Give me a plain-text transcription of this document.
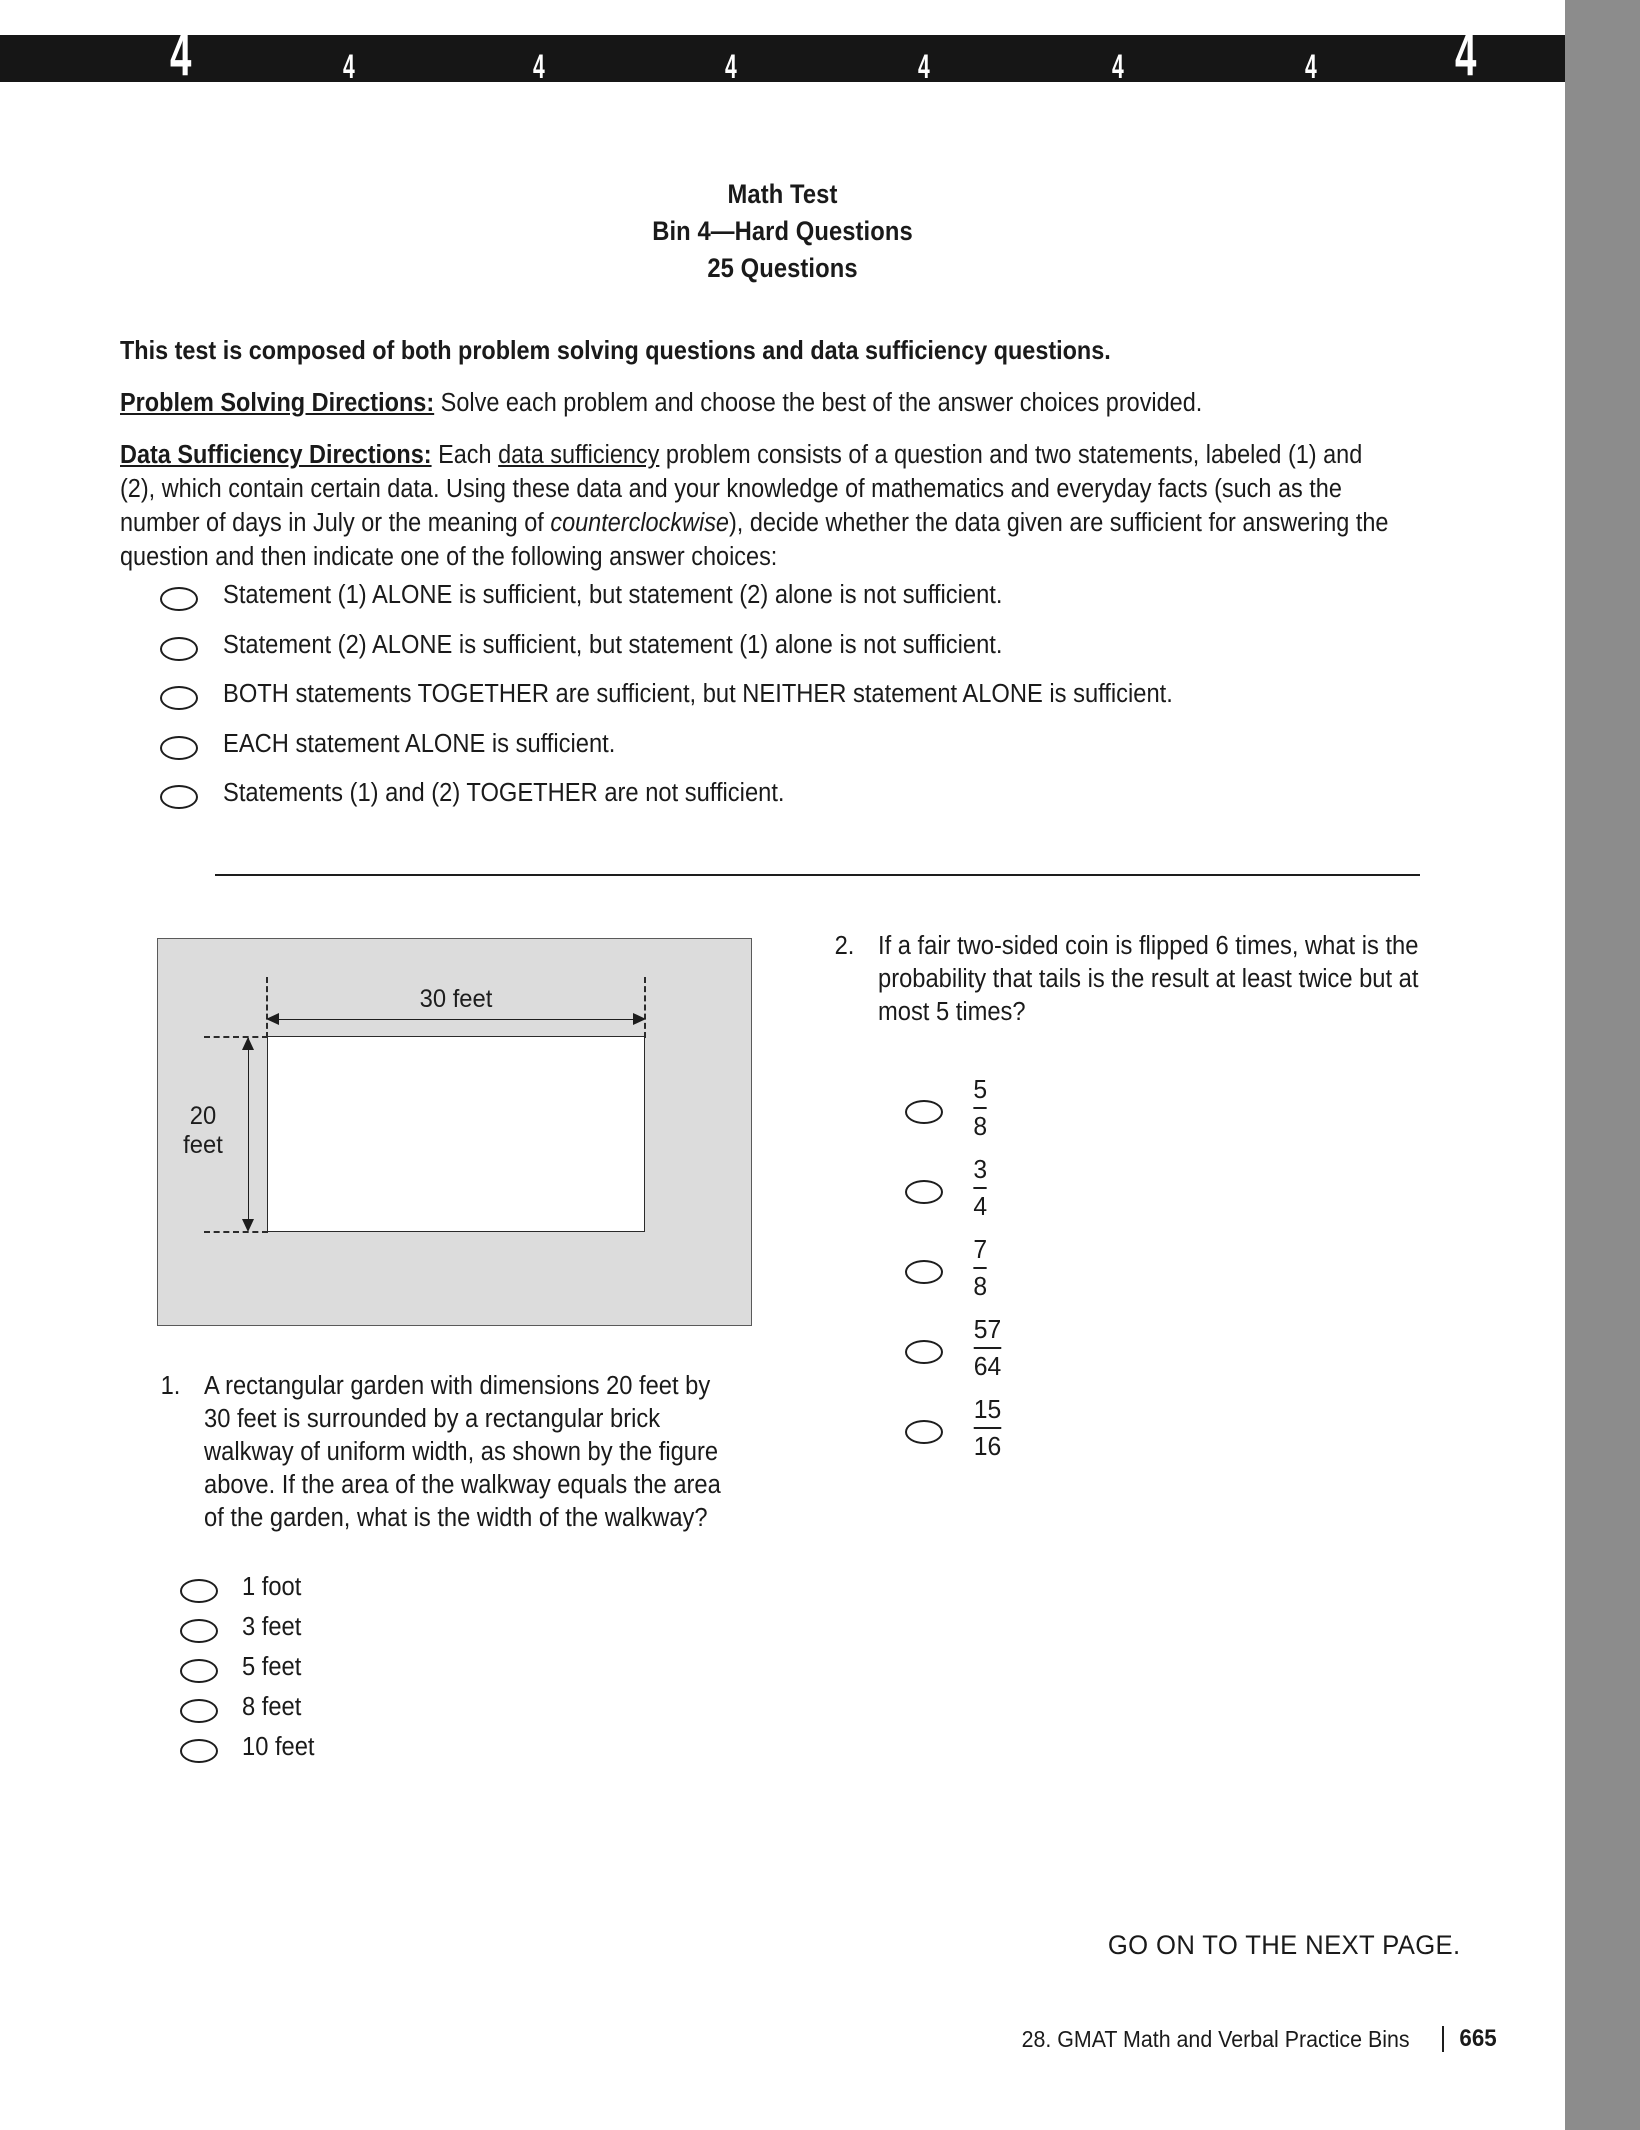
4	4	4	4	4	4	4 4
Math Test
Bin 4—Hard Questions
25 Questions
This test is composed of both problem solving questions and data sufficiency questions.
Problem Solving Directions: Solve each problem and choose the best of the answer choices provided.
Data Sufficiency Directions: Each data sufficiency problem consists of a question and two statements, labeled (1) and (2), which contain certain data. Using these data and your knowledge of mathematics and everyday facts (such as the number of days in July or the meaning of counterclockwise), decide whether the data given are sufficient for answering the question and then indicate one of the following answer choices:
Statement (1) ALONE is sufficient, but statement (2) alone is not sufficient.
Statement (2) ALONE is sufficient, but statement (1) alone is not sufficient.
BOTH statements TOGETHER are sufficient, but NEITHER statement ALONE is sufficient.
EACH statement ALONE is sufficient.
Statements (1) and (2) TOGETHER are not sufficient.
30 feet
20
feet
1. A rectangular garden with dimensions 20 feet by 30 feet is surrounded by a rectangular brick walkway of uniform width, as shown by the figure above. If the area of the walkway equals the area of the garden, what is the width of the walkway?
1 foot
3 feet
5 feet
8 feet
10 feet
2. If a fair two-sided coin is flipped 6 times, what is the probability that tails is the result at least twice but at most 5 times?
$\frac{5}{8}$
$\frac{3}{4}$
$\frac{7}{8}$
$\frac{57}{64}$
$\frac{15}{16}$
GO ON TO THE NEXT PAGE.
28. GMAT Math and Verbal Practice Bins 665
